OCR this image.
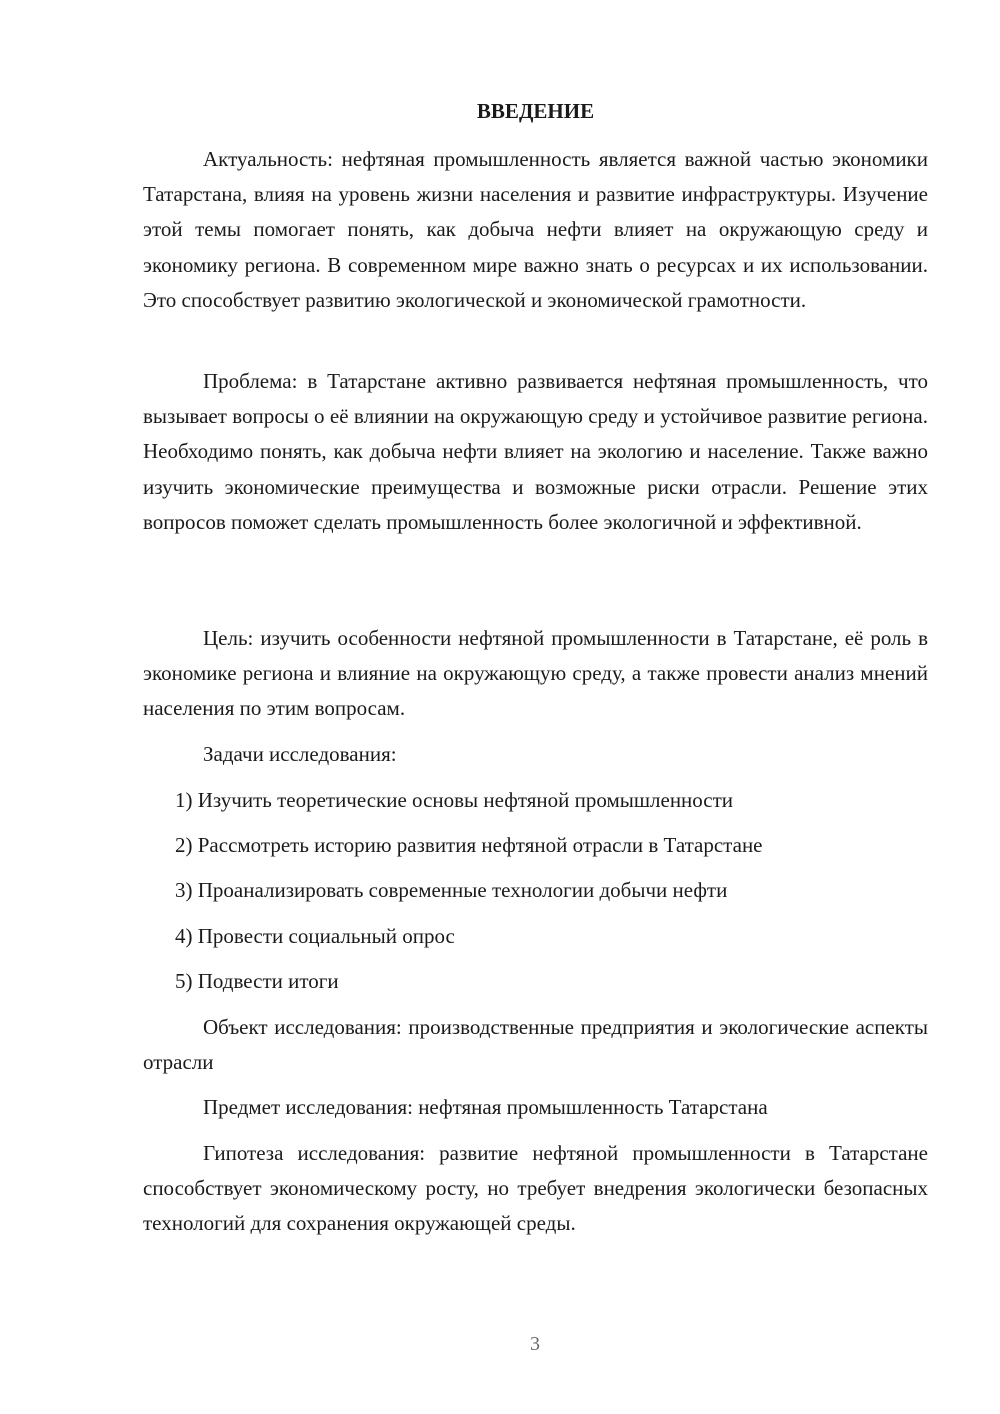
ВВЕДЕНИЕ

Актуальность: нефтяная промышленность является важной частью экономики Татарстана, влияя на уровень жизни населения и развитие инфраструктуры. Изучение этой темы помогает понять, как добыча нефти влияет на окружающую среду и экономику региона. В современном мире важно знать о ресурсах и их использовании. Это способствует развитию экологической и экономической грамотности.

Проблема: в Татарстане активно развивается нефтяная промышленность, что вызывает вопросы о её влиянии на окружающую среду и устойчивое развитие региона. Необходимо понять, как добыча нефти влияет на экологию и население. Также важно изучить экономические преимущества и возможные риски отрасли. Решение этих вопросов поможет сделать промышленность более экологичной и эффективной.

Цель: изучить особенности нефтяной промышленности в Татарстане, её роль в экономике региона и влияние на окружающую среду, а также провести анализ мнений населения по этим вопросам.

Задачи исследования:

1) Изучить теоретические основы нефтяной промышленности

2) Рассмотреть историю развития нефтяной отрасли в Татарстане

3) Проанализировать современные технологии добычи нефти

4) Провести социальный опрос

5) Подвести итоги

Объект исследования: производственные предприятия и экологические аспекты отрасли

Предмет исследования: нефтяная промышленность Татарстана

Гипотеза исследования: развитие нефтяной промышленности в Татарстане способствует экономическому росту, но требует внедрения экологически безопасных технологий для сохранения окружающей среды.

3
